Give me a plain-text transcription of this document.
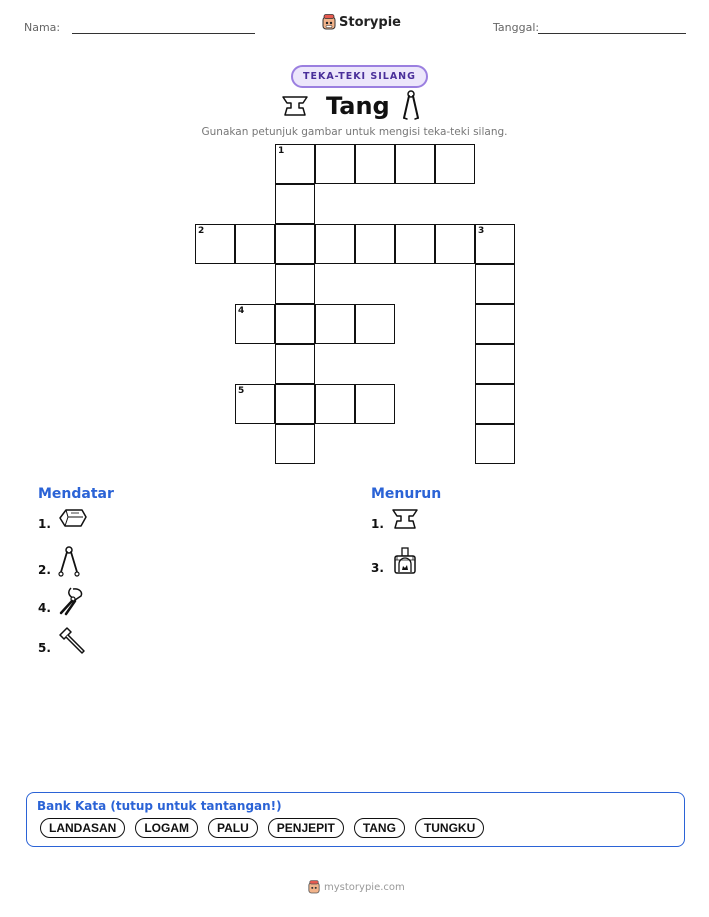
Nama:	Storypie	Tanggal:
TEKA-TEKI SILANG
Tang
Gunakan petunjuk gambar untuk mengisi teka-teki silang.
1
2	3
4
5
Mendatar
1.
2.
4.
5.
Menurun
1.
3.
Bank Kata (tutup untuk tantangan!)
LANDASAN	LOGAM	PALU	PENJEPIT	TANG	TUNGKU
mystorypie.com
